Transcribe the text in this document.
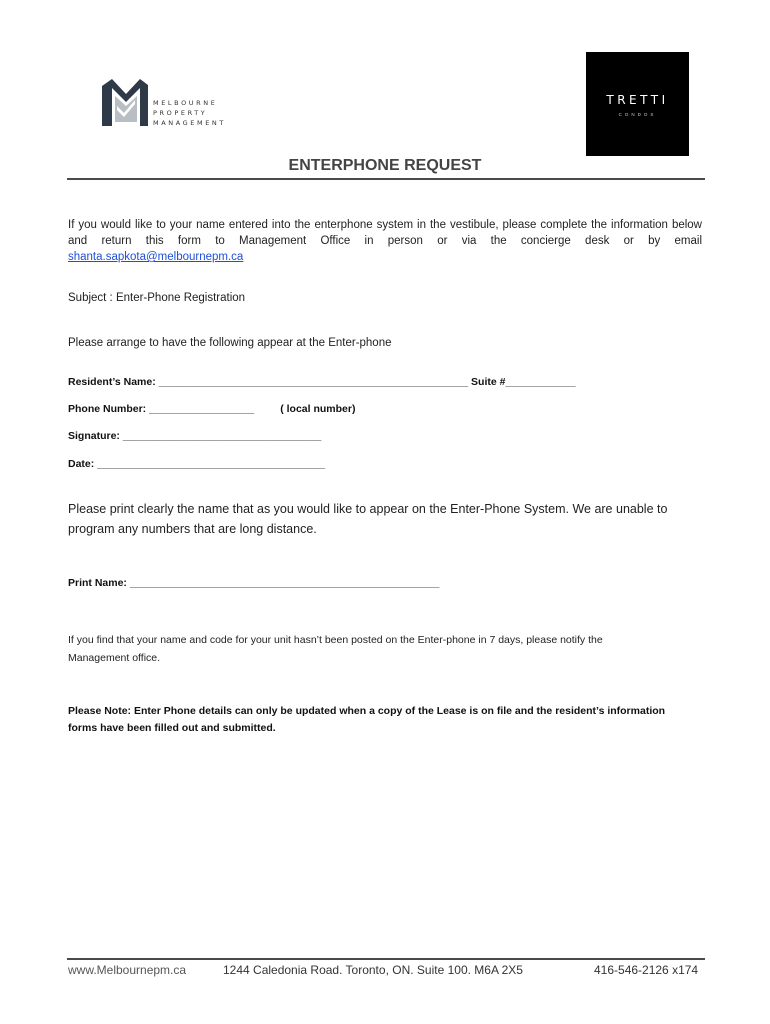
MELBOURNE
PROPERTY
MANAGEMENT
TRETTI
CONDOS
ENTERPHONE REQUEST
If you would like to your name entered into the enterphone system in the vestibule, please complete the information below and return this form to Management Office in person or via the concierge desk or by email shanta.sapkota@melbournepm.ca
Subject : Enter-Phone Registration
Please arrange to have the following appear at the Enter-phone
Resident’s Name: _____________________________________________________ Suite #____________
Phone Number: __________________ ( local number)
Signature: __________________________________
Date: _______________________________________
Please print clearly the name that as you would like to appear on the Enter-Phone System. We are unable to
program any numbers that are long distance.
Print Name: _____________________________________________________
If you find that your name and code for your unit hasn’t been posted on the Enter-phone in 7 days, please notify the
Management office.
Please Note: Enter Phone details can only be updated when a copy of the Lease is on file and the resident’s information
forms have been filled out and submitted.
www.Melbournepm.ca	1244 Caledonia Road. Toronto, ON. Suite 100. M6A 2X5	416-546-2126 x174
